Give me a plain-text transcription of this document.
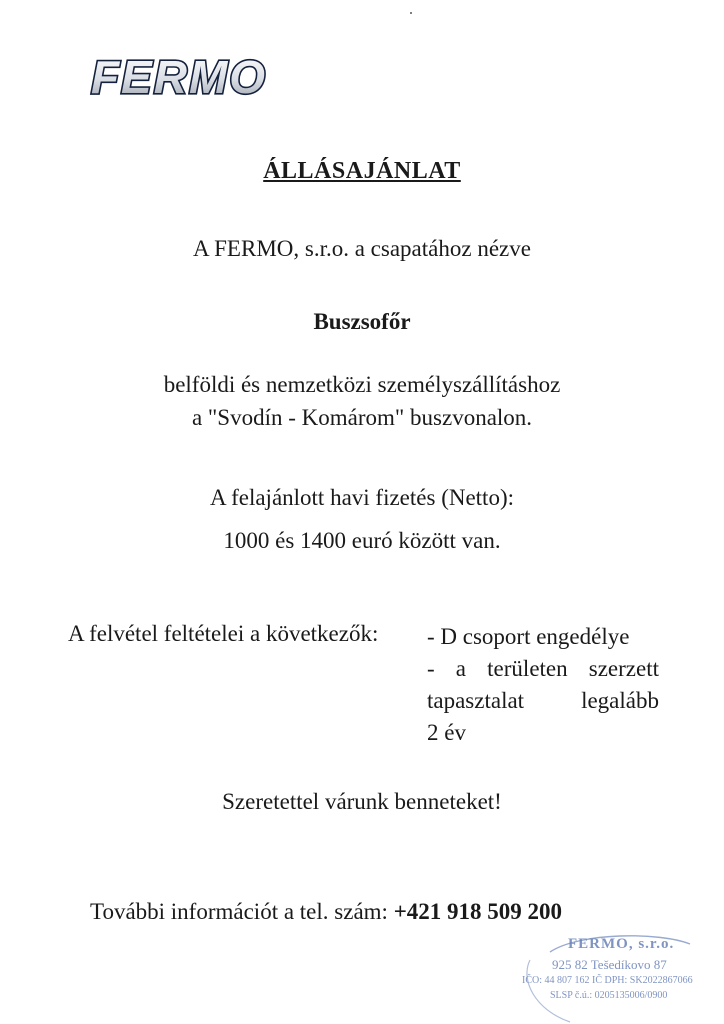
FERMO
ÁLLÁSAJÁNLAT
A FERMO, s.r.o. a csapatához nézve
Buszsofőr
belföldi és nemzetközi személyszállításhoz
a "Svodín - Komárom" buszvonalon.
A felajánlott havi fizetés (Netto):
1000 és 1400 euró között van.
A felvétel feltételei a következők: - D csoport engedélye
- a területen szerzett
tapasztalat legalább
2 év
Szeretettel várunk benneteket!
További információt a tel. szám: +421 918 509 200
FERMO, s.r.o.
925 82 Tešedíkovo 87
IČO: 44 807 162 IČ DPH: SK2022867066
SLSP č.ú.: 0205135006/0900
